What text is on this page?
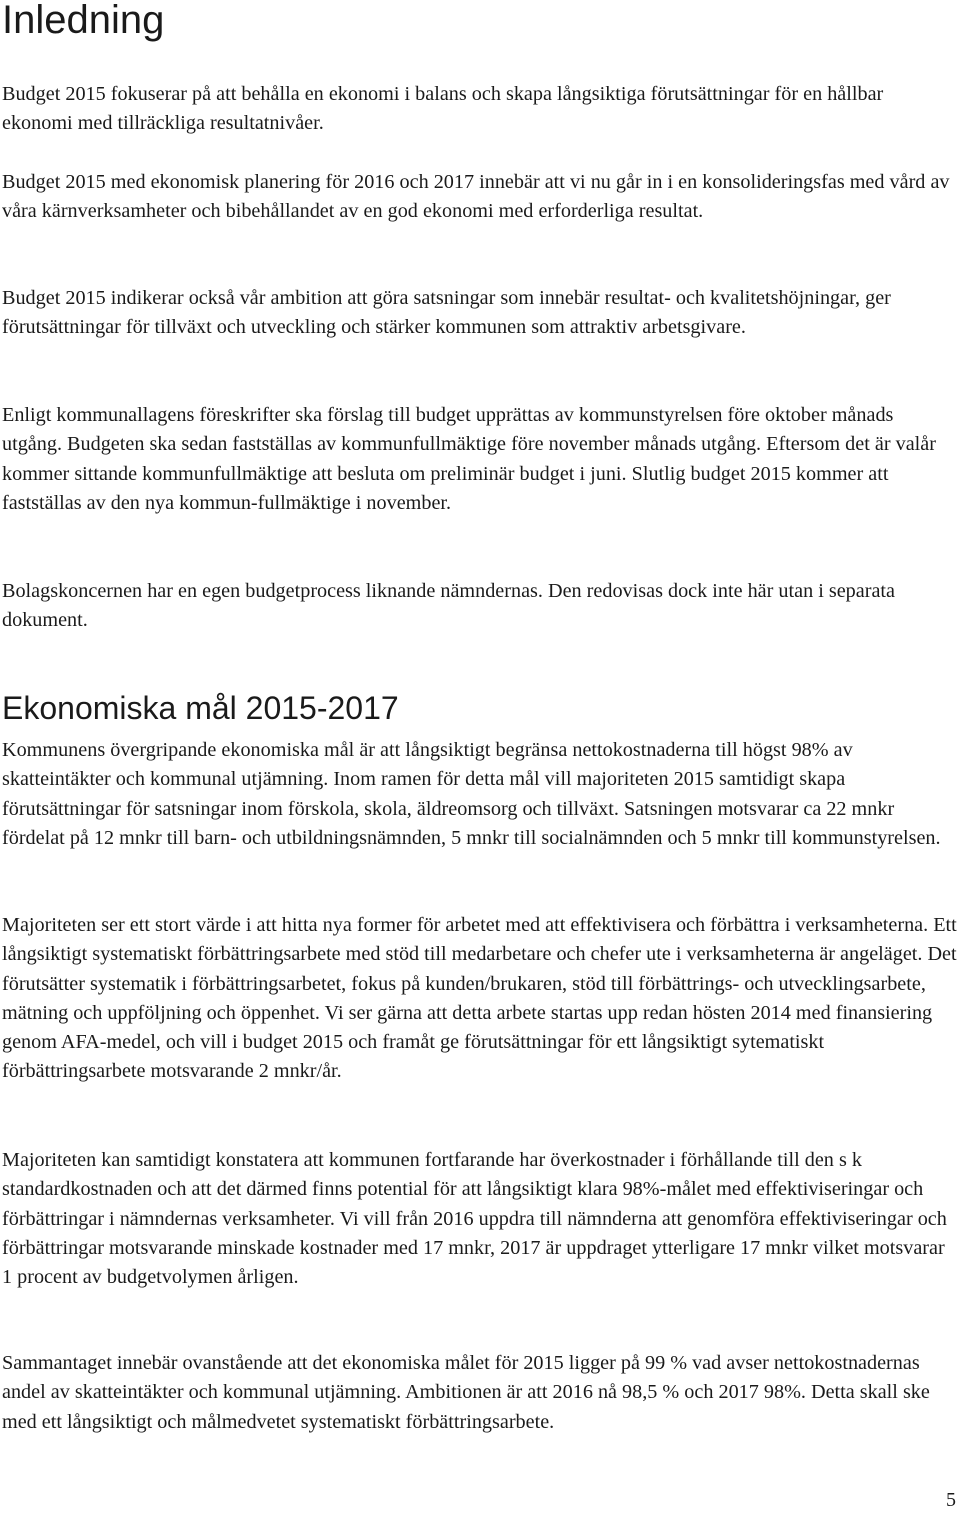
Inledning

Budget 2015 fokuserar på att behålla en ekonomi i balans och skapa långsiktiga förutsättningar för en hållbar ekonomi med tillräckliga resultatnivåer.

Budget 2015 med ekonomisk planering för 2016 och 2017 innebär att vi nu går in i en konsolideringsfas med vård av våra kärnverksamheter och bibehållandet av en god ekonomi med erforderliga resultat.

Budget 2015 indikerar också vår ambition att göra satsningar som innebär resultat- och kvalitetshöjningar, ger förutsättningar för tillväxt och utveckling och stärker kommunen som attraktiv arbetsgivare.

Enligt kommunallagens föreskrifter ska förslag till budget upprättas av kommunstyrelsen före oktober månads utgång. Budgeten ska sedan fastställas av kommunfullmäktige före november månads utgång. Eftersom det är valår kommer sittande kommunfullmäktige att besluta om preliminär budget i juni. Slutlig budget 2015 kommer att fastställas av den nya kommun-fullmäktige i november.

Bolagskoncernen har en egen budgetprocess liknande nämndernas. Den redovisas dock inte här utan i separata dokument.

Ekonomiska mål 2015-2017

Kommunens övergripande ekonomiska mål är att långsiktigt begränsa nettokostnaderna till högst 98% av skatteintäkter och kommunal utjämning. Inom ramen för detta mål vill majoriteten 2015 samtidigt skapa förutsättningar för satsningar inom förskola, skola, äldreomsorg och tillväxt. Satsningen motsvarar ca 22 mnkr fördelat på 12 mnkr till barn- och utbildningsnämnden, 5 mnkr till socialnämnden och 5 mnkr till kommunstyrelsen.

Majoriteten ser ett stort värde i att hitta nya former för arbetet med att effektivisera och förbättra i verksamheterna. Ett långsiktigt systematiskt förbättringsarbete med stöd till medarbetare och chefer ute i verksamheterna är angeläget. Det förutsätter systematik i förbättringsarbetet, fokus på kunden/brukaren, stöd till förbättrings- och utvecklingsarbete, mätning och uppföljning och öppenhet. Vi ser gärna att detta arbete startas upp redan hösten 2014 med finansiering genom AFA-medel, och vill i budget 2015 och framåt ge förutsättningar för ett långsiktigt sytematiskt förbättringsarbete motsvarande 2 mnkr/år.

Majoriteten kan samtidigt konstatera att kommunen fortfarande har överkostnader i förhållande till den s k standardkostnaden och att det därmed finns potential för att långsiktigt klara 98%-målet med effektiviseringar och förbättringar i nämndernas verksamheter. Vi vill från 2016 uppdra till nämnderna att genomföra effektiviseringar och förbättringar motsvarande minskade kostnader med 17 mnkr, 2017 är uppdraget ytterligare 17 mnkr vilket motsvarar 1 procent av budgetvolymen årligen.

Sammantaget innebär ovanstående att det ekonomiska målet för 2015 ligger på 99 % vad avser nettokostnadernas andel av skatteintäkter och kommunal utjämning. Ambitionen är att 2016 nå 98,5 % och 2017 98%. Detta skall ske med ett långsiktigt och målmedvetet systematiskt förbättringsarbete.

5
